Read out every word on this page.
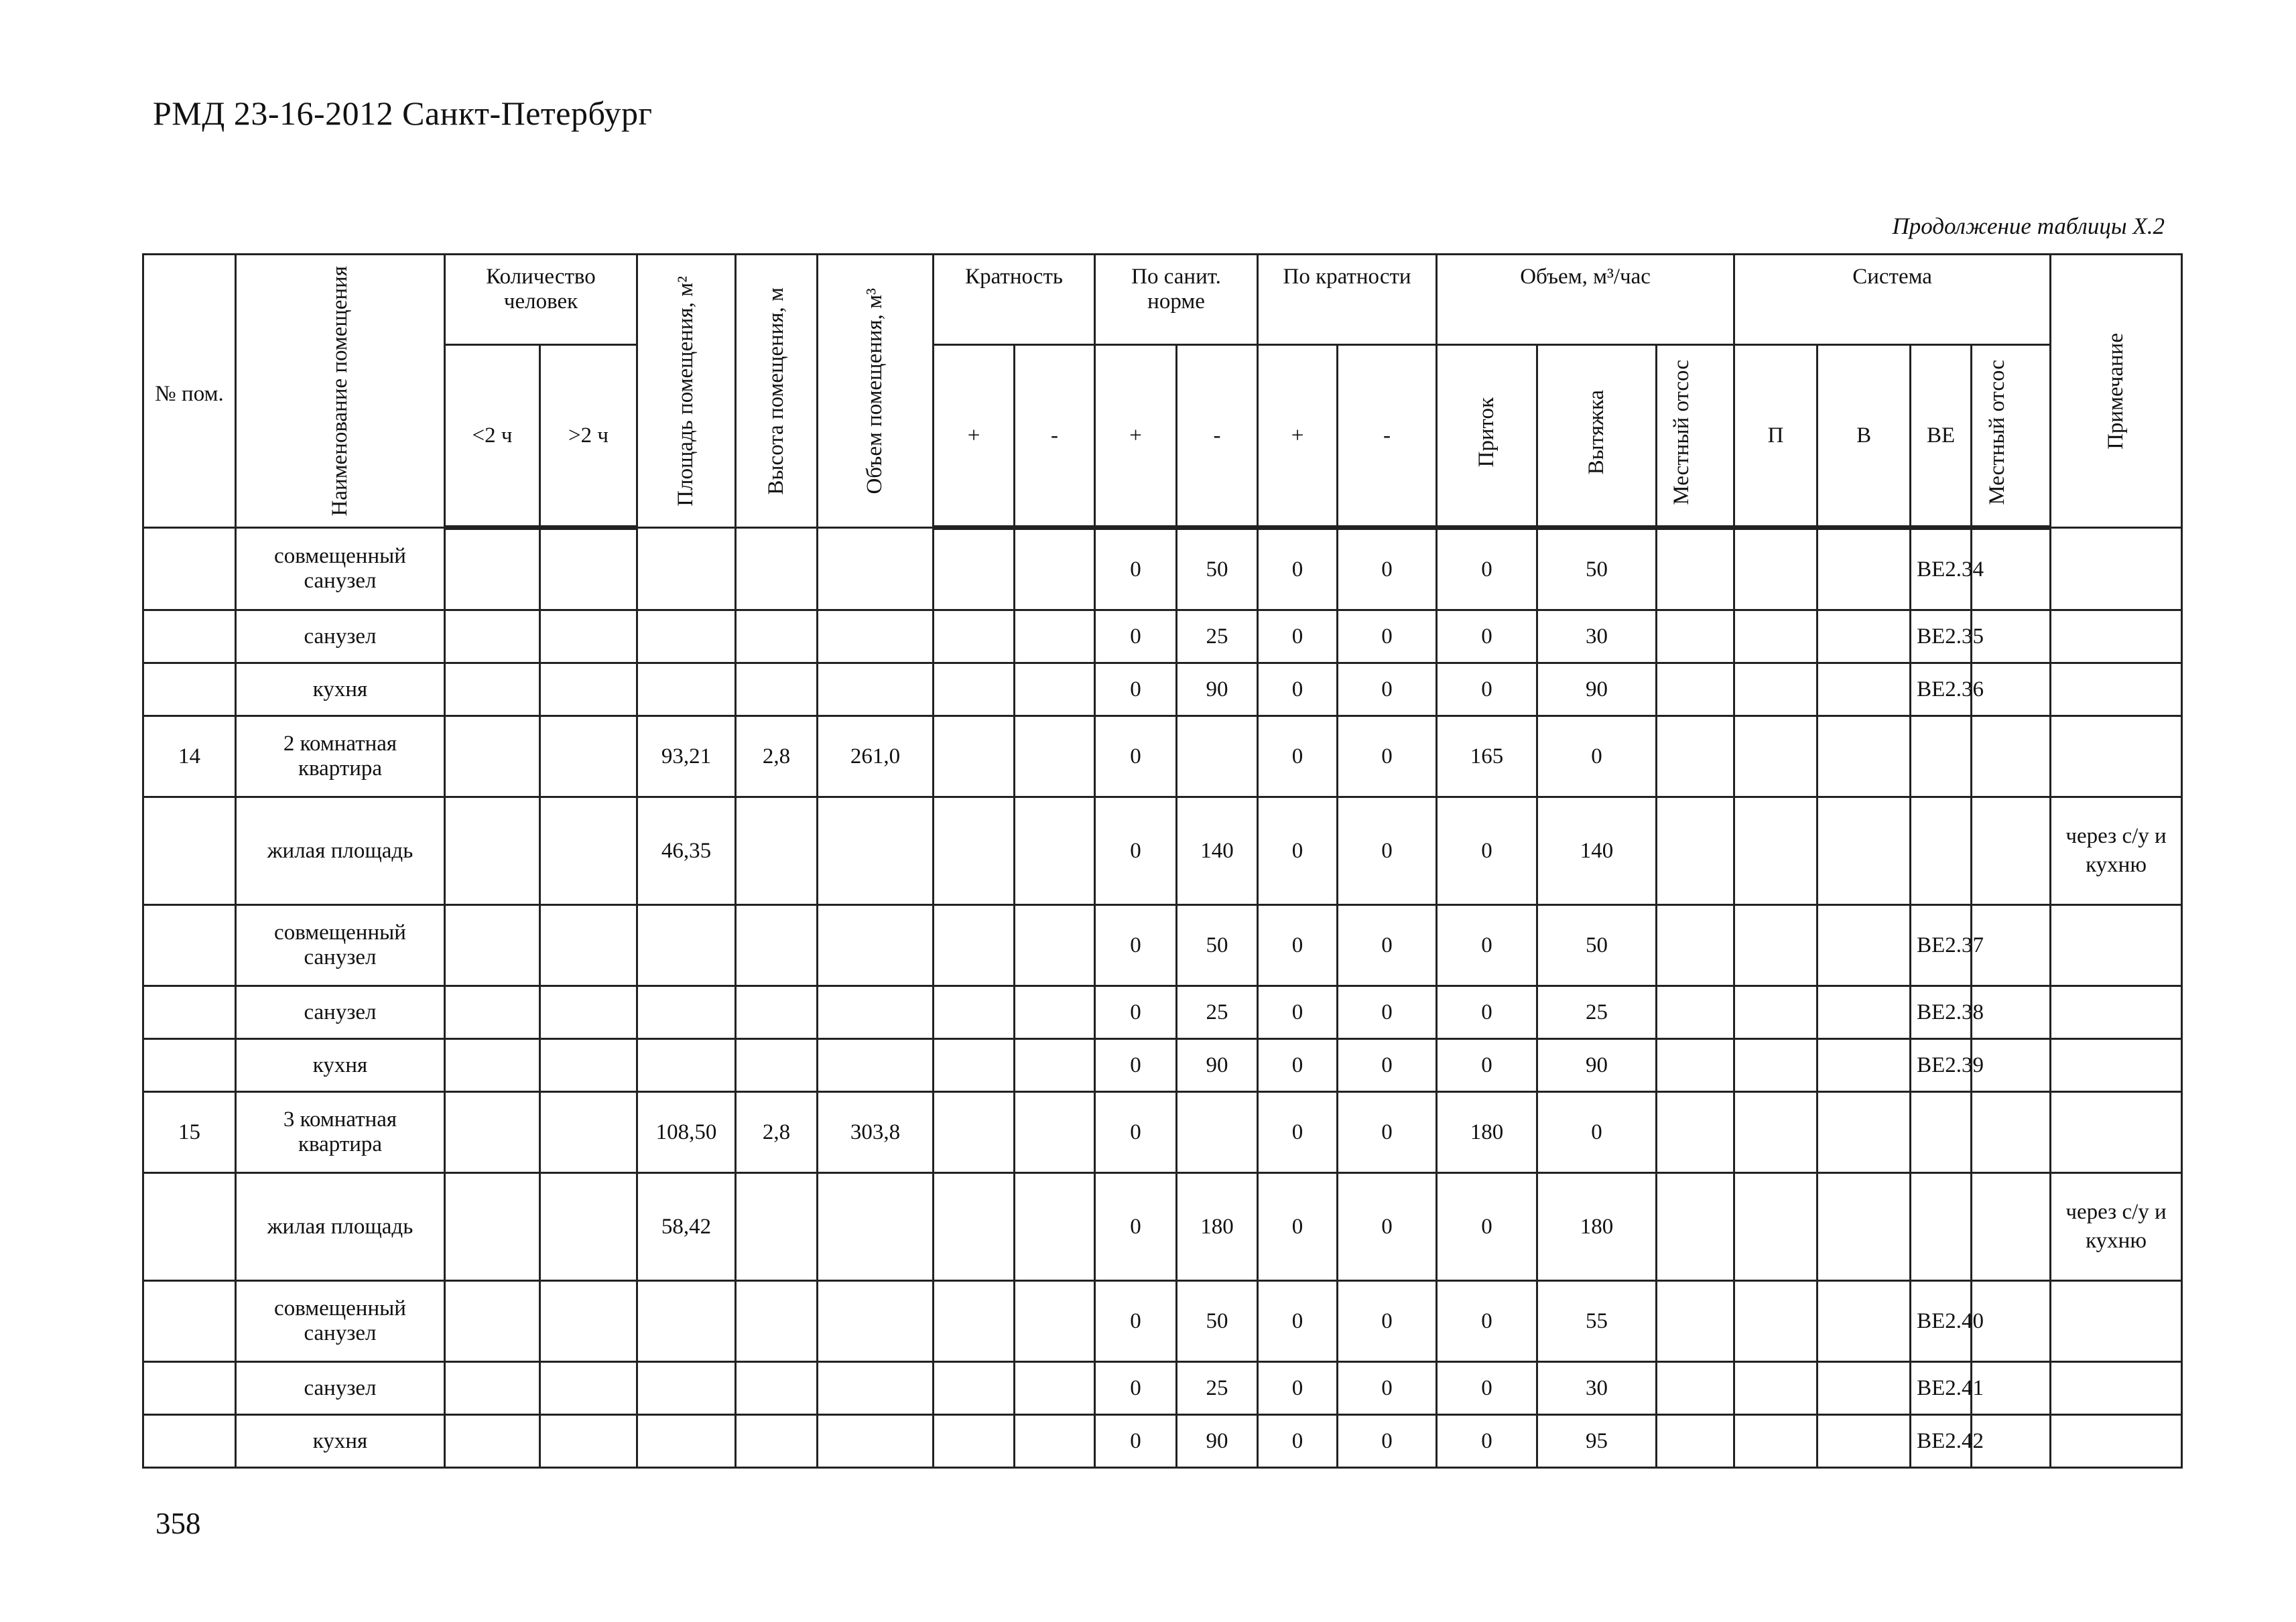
РМД 23-16-2012 Санкт-Петербург
Продолжение таблицы Х.2
№ пом.	Наименование помещения	Количество человек		Площадь помещения, м²	Высота помещения, м	Объем помещения, м³	Кратность		По санит. норме		По кратности		Объем, м³/час			Система				Примечание
		<2 ч	>2 ч				+	-	+	-	+	-	Приток	Вытяжка	Местный отсос	П	В	ВЕ	Местный отсос	
	совмещенный санузел								0	50	0	0	0	50				ВЕ2.34		
	санузел								0	25	0	0	0	30				ВЕ2.35		
	кухня								0	90	0	0	0	90				ВЕ2.36		
14	2 комнатная квартира			93,21	2,8	261,0			0		0	0	165	0						
	жилая площадь			46,35					0	140	0	0	0	140						через с/у и кухню
	совмещенный санузел								0	50	0	0	0	50				ВЕ2.37		
	санузел								0	25	0	0	0	25				ВЕ2.38		
	кухня								0	90	0	0	0	90				ВЕ2.39		
15	3 комнатная квартира			108,50	2,8	303,8			0		0	0	180	0						
	жилая площадь			58,42					0	180	0	0	0	180						через с/у и кухню
	совмещенный санузел								0	50	0	0	0	55				ВЕ2.40		
	санузел								0	25	0	0	0	30				ВЕ2.41		
	кухня								0	90	0	0	0	95				ВЕ2.42		
358
